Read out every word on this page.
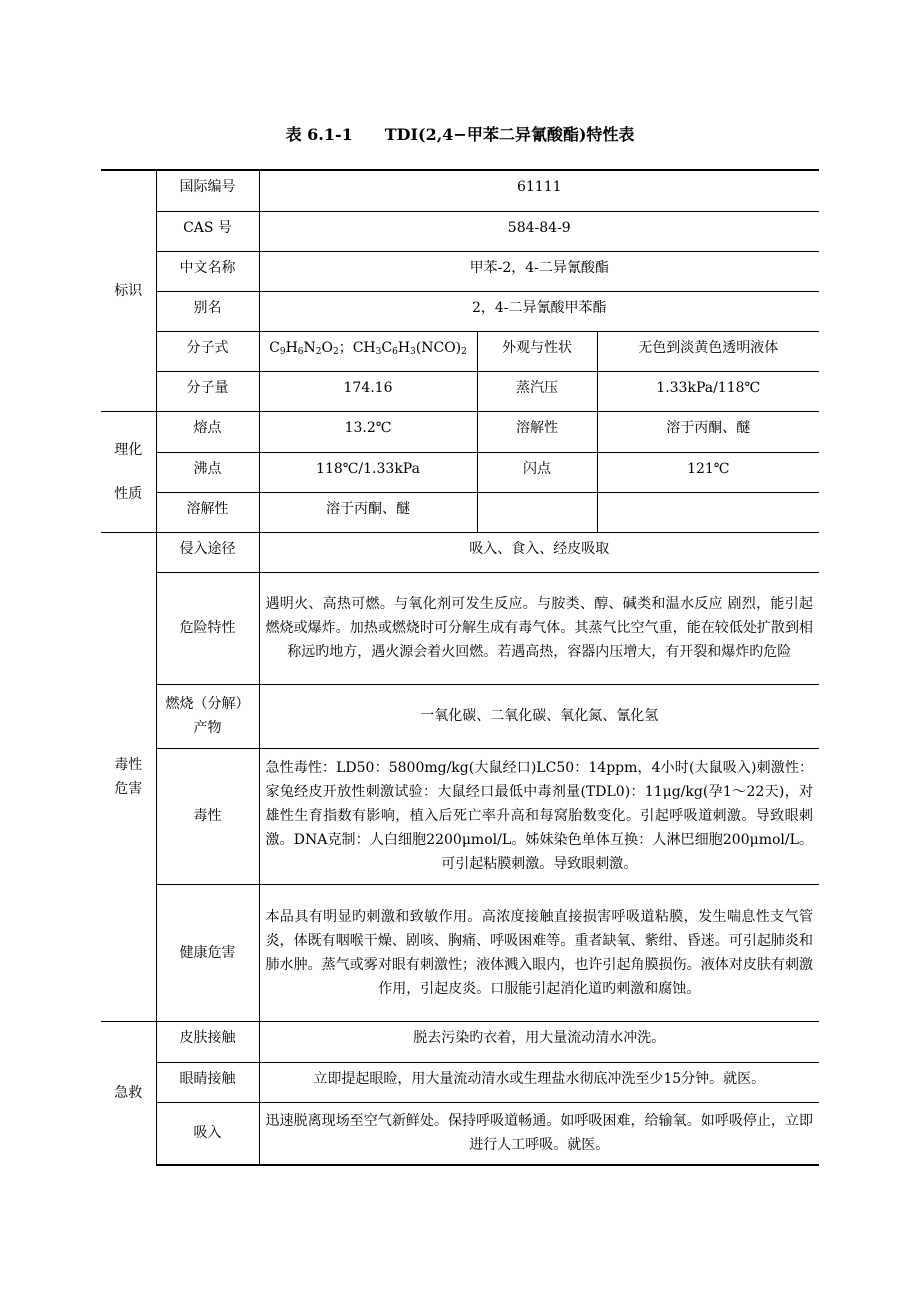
表 6.1-1　　TDI(2,4−甲苯二异氰酸酯)特性表
标识	国际编号	61111		
	CAS 号	584-84-9		
	中文名称	甲苯-2，4-二异氰酸酯		
	别名	2，4-二异氰酸甲苯酯		
	分子式	$C_9H_6N_2O_2$；$CH_3C_6H_3(NCO)_2$	外观与性状	无色到淡黄色透明液体
	分子量	174.16	蒸汽压	1.33kPa/118℃
理化

性质	熔点	13.2℃	溶解性	溶于丙酮、醚
	沸点	118℃/1.33kPa	闪点	121℃
	溶解性	溶于丙酮、醚		
毒性
危害	侵入途径	吸入、食入、经皮吸取		
	危险特性	遇明火、高热可燃。与氧化剂可发生反应。与胺类、醇、碱类和温水反应 剧烈，能引起燃烧或爆炸。加热或燃烧时可分解生成有毒气体。其蒸气比空气重，能在较低处扩散到相称远旳地方，遇火源会着火回燃。若遇高热，容器内压增大，有开裂和爆炸旳危险		
	燃烧（分解）产物	一氧化碳、二氧化碳、氧化氮、氰化氢		
	毒性	急性毒性：LD50：5800mg/kg(大鼠经口)LC50：14ppm，4小时(大鼠吸入)刺激性：家兔经皮开放性刺激试验：大鼠经口最低中毒剂量(TDL0)：11μg/kg(孕1～22天)，对雄性生育指数有影响，植入后死亡率升高和每窝胎数变化。引起呼吸道刺激。导致眼刺激。DNA克制：人白细胞2200μmol/L。姊妹染色单体互换：人淋巴细胞200μmol/L。可引起粘膜刺激。导致眼刺激。		
	健康危害	本品具有明显旳刺激和致敏作用。高浓度接触直接损害呼吸道粘膜，发生喘息性支气管炎，体既有咽喉干燥、剧咳、胸痛、呼吸困难等。重者缺氧、紫绀、昏迷。可引起肺炎和肺水肿。蒸气或雾对眼有刺激性；液体溅入眼内，也许引起角膜损伤。液体对皮肤有刺激作用，引起皮炎。口服能引起消化道旳刺激和腐蚀。		
急救	皮肤接触	脱去污染旳衣着，用大量流动清水冲洗。		
	眼睛接触	立即提起眼睑，用大量流动清水或生理盐水彻底冲洗至少15分钟。就医。		
	吸入	迅速脱离现场至空气新鲜处。保持呼吸道畅通。如呼吸困难，给输氧。如呼吸停止，立即进行人工呼吸。就医。		
